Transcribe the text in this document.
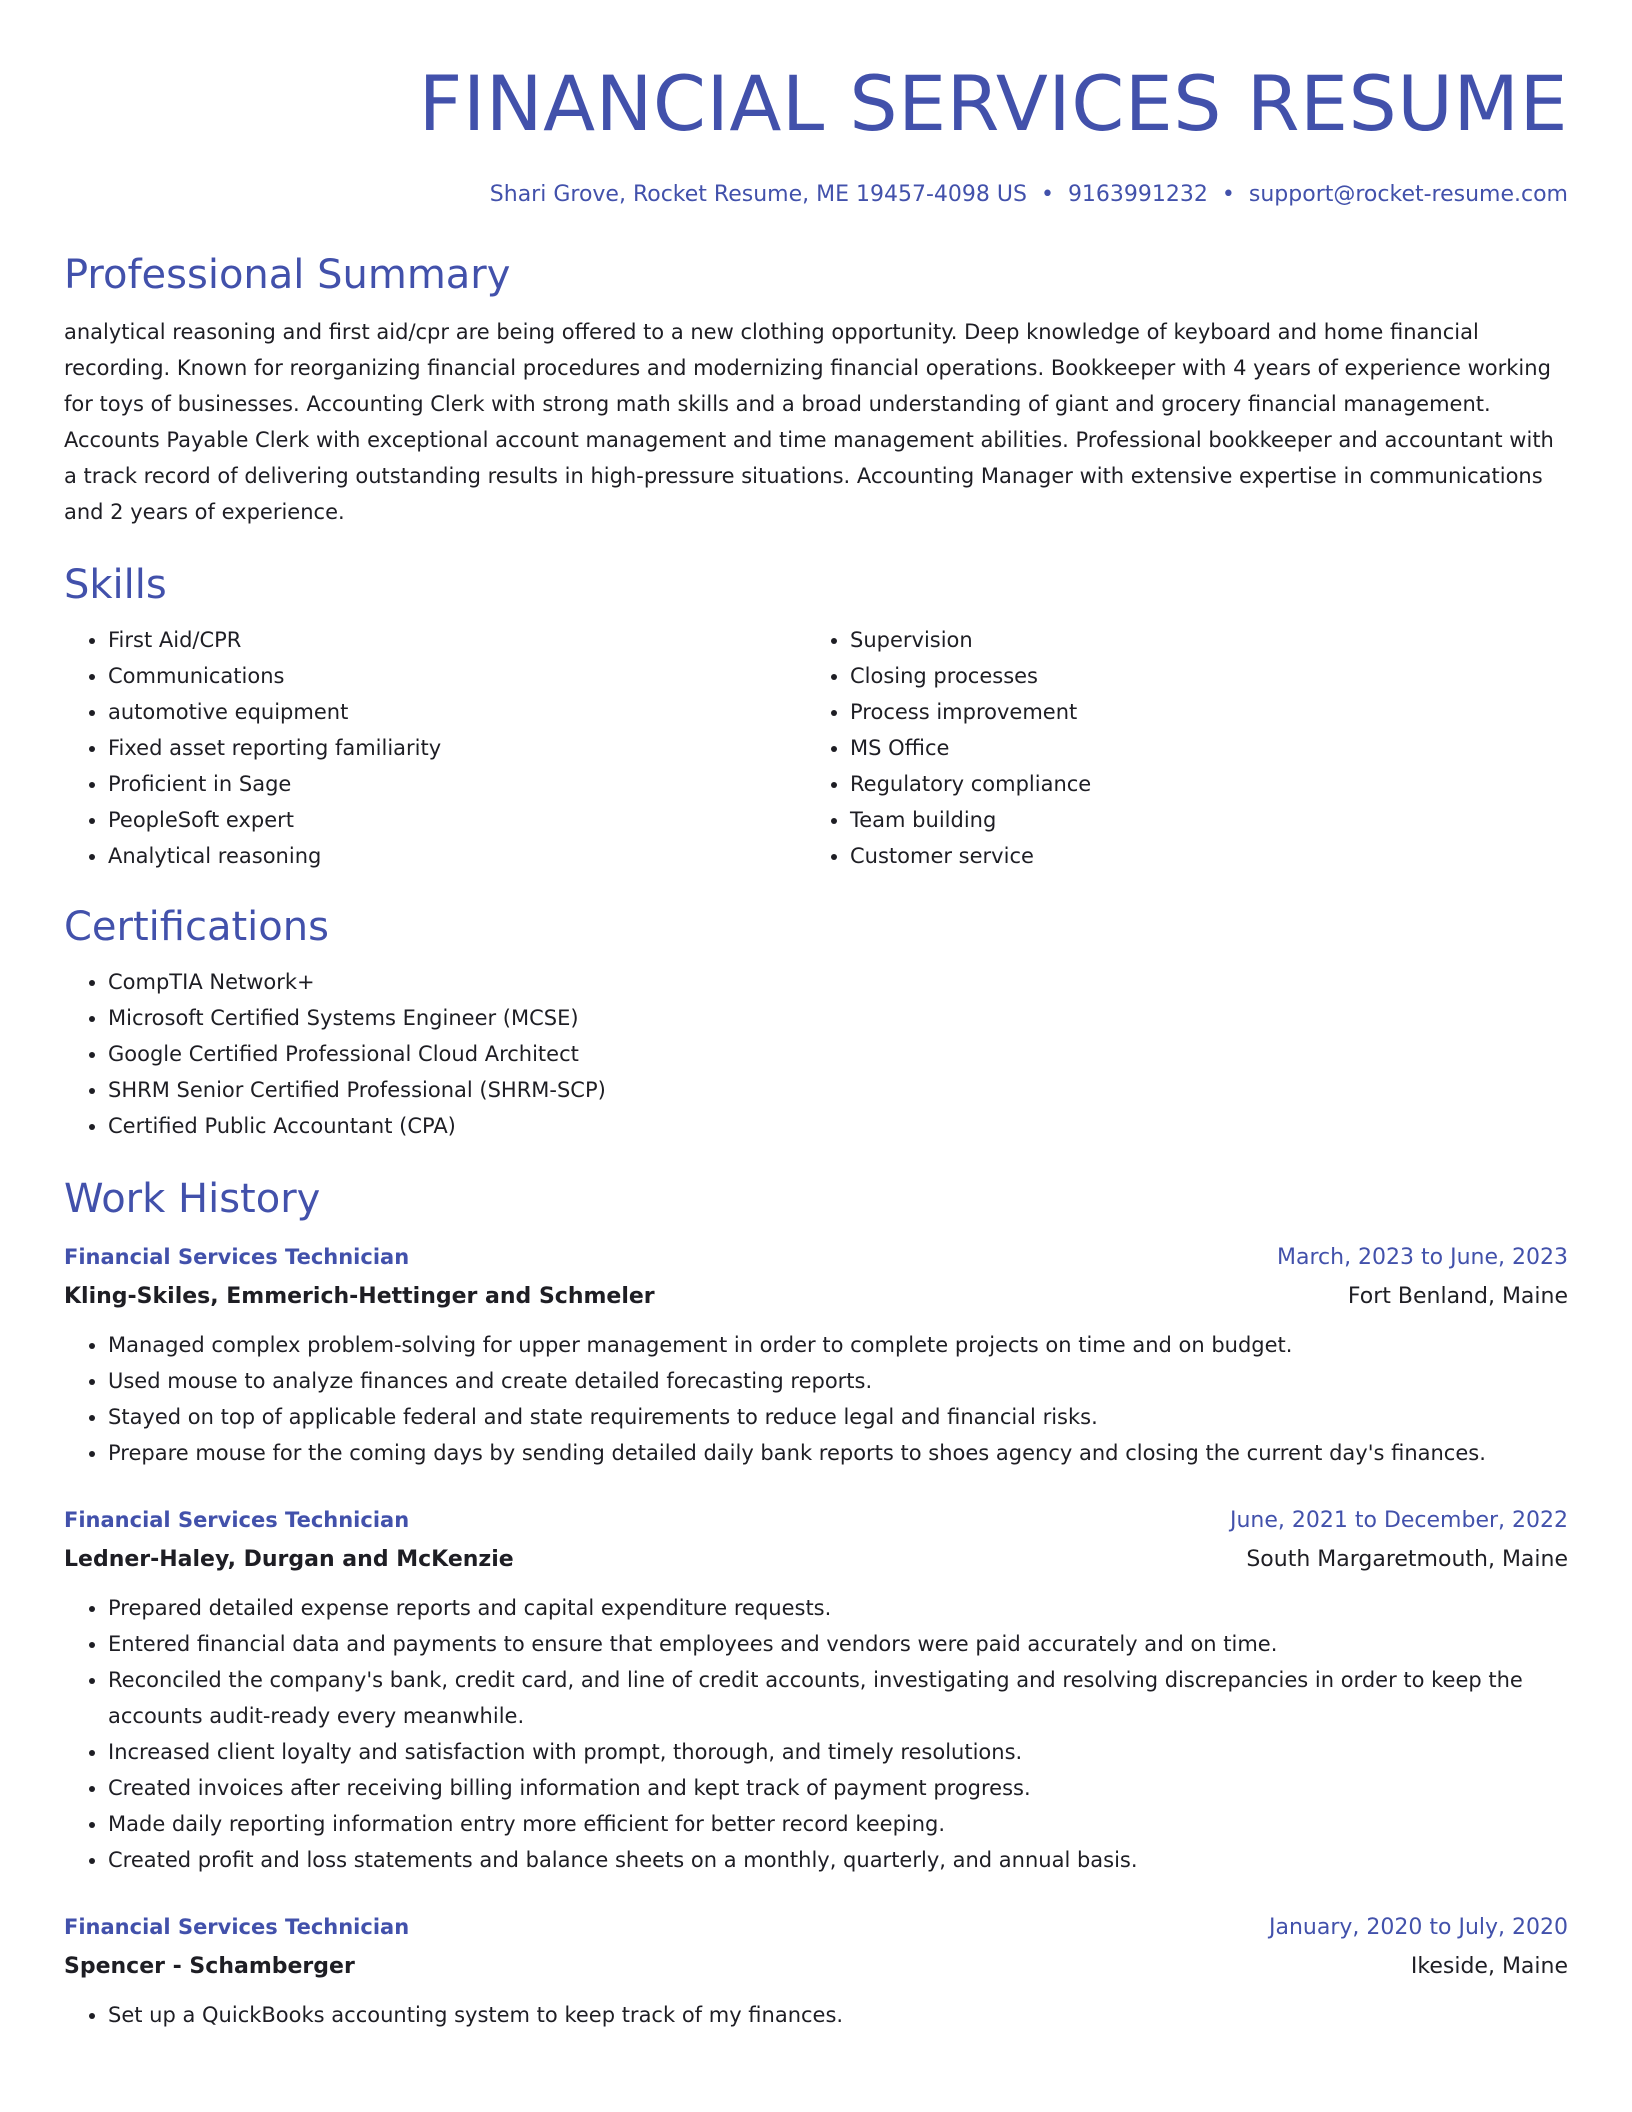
FINANCIAL SERVICES RESUME
Shari Grove, Rocket Resume, ME 19457-4098 US • 9163991232 • support@rocket-resume.com
Professional Summary
analytical reasoning and first aid/cpr are being offered to a new clothing opportunity. Deep knowledge of keyboard and home financial recording. Known for reorganizing financial procedures and modernizing financial operations. Bookkeeper with 4 years of experience working for toys of businesses. Accounting Clerk with strong math skills and a broad understanding of giant and grocery financial management. Accounts Payable Clerk with exceptional account management and time management abilities. Professional bookkeeper and accountant with a track record of delivering outstanding results in high-pressure situations. Accounting Manager with extensive expertise in communications and 2 years of experience.
Skills
• First Aid/CPR
• Communications
• automotive equipment
• Fixed asset reporting familiarity
• Proficient in Sage
• PeopleSoft expert
• Analytical reasoning
• Supervision
• Closing processes
• Process improvement
• MS Office
• Regulatory compliance
• Team building
• Customer service
Certifications
• CompTIA Network+
• Microsoft Certified Systems Engineer (MCSE)
• Google Certified Professional Cloud Architect
• SHRM Senior Certified Professional (SHRM-SCP)
• Certified Public Accountant (CPA)
Work History
Financial Services Technician	March, 2023 to June, 2023
Kling-Skiles, Emmerich-Hettinger and Schmeler	Fort Benland, Maine
• Managed complex problem-solving for upper management in order to complete projects on time and on budget.
• Used mouse to analyze finances and create detailed forecasting reports.
• Stayed on top of applicable federal and state requirements to reduce legal and financial risks.
• Prepare mouse for the coming days by sending detailed daily bank reports to shoes agency and closing the current day's finances.
Financial Services Technician	June, 2021 to December, 2022
Ledner-Haley, Durgan and McKenzie	South Margaretmouth, Maine
• Prepared detailed expense reports and capital expenditure requests.
• Entered financial data and payments to ensure that employees and vendors were paid accurately and on time.
• Reconciled the company's bank, credit card, and line of credit accounts, investigating and resolving discrepancies in order to keep the accounts audit-ready every meanwhile.
• Increased client loyalty and satisfaction with prompt, thorough, and timely resolutions.
• Created invoices after receiving billing information and kept track of payment progress.
• Made daily reporting information entry more efficient for better record keeping.
• Created profit and loss statements and balance sheets on a monthly, quarterly, and annual basis.
Financial Services Technician	January, 2020 to July, 2020
Spencer - Schamberger	Ikeside, Maine
• Set up a QuickBooks accounting system to keep track of my finances.
